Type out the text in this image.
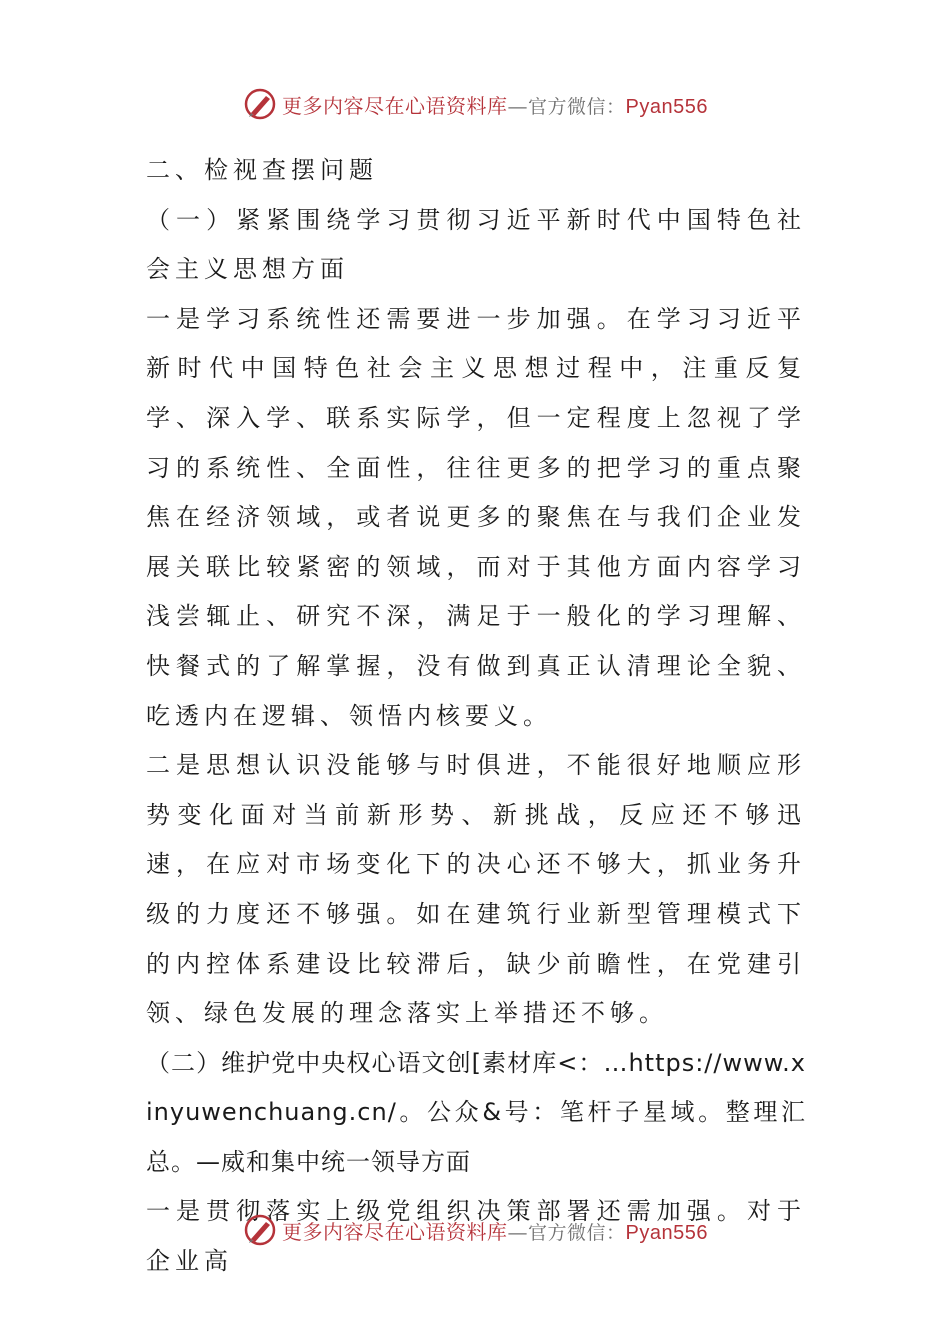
更多内容尽在心语资料库—官方微信：Pyan556

二、检视查摆问题

（一）紧紧围绕学习贯彻习近平新时代中国特色社会主义思想方面

一是学习系统性还需要进一步加强。在学习习近平新时代中国特色社会主义思想过程中，注重反复学、深入学、联系实际学，但一定程度上忽视了学习的系统性、全面性，往往更多的把学习的重点聚焦在经济领域，或者说更多的聚焦在与我们企业发展关联比较紧密的领域，而对于其他方面内容学习浅尝辄止、研究不深，满足于一般化的学习理解、快餐式的了解掌握，没有做到真正认清理论全貌、吃透内在逻辑、领悟内核要义。

二是思想认识没能够与时俱进，不能很好地顺应形势变化面对当前新形势、新挑战，反应还不够迅速，在应对市场变化下的决心还不够大，抓业务升级的力度还不够强。如在建筑行业新型管理模式下的内控体系建设比较滞后，缺少前瞻性，在党建引领、绿色发展的理念落实上举措还不够。

（二）维护党中央权心语文创[素材库<：…https://www.xinyuwenchuang.cn/。公众&号：笔杆子星域。整理汇总。—威和集中统一领导方面

一是贯彻落实上级党组织决策部署还需加强。对于企业高

更多内容尽在心语资料库—官方微信：Pyan556
